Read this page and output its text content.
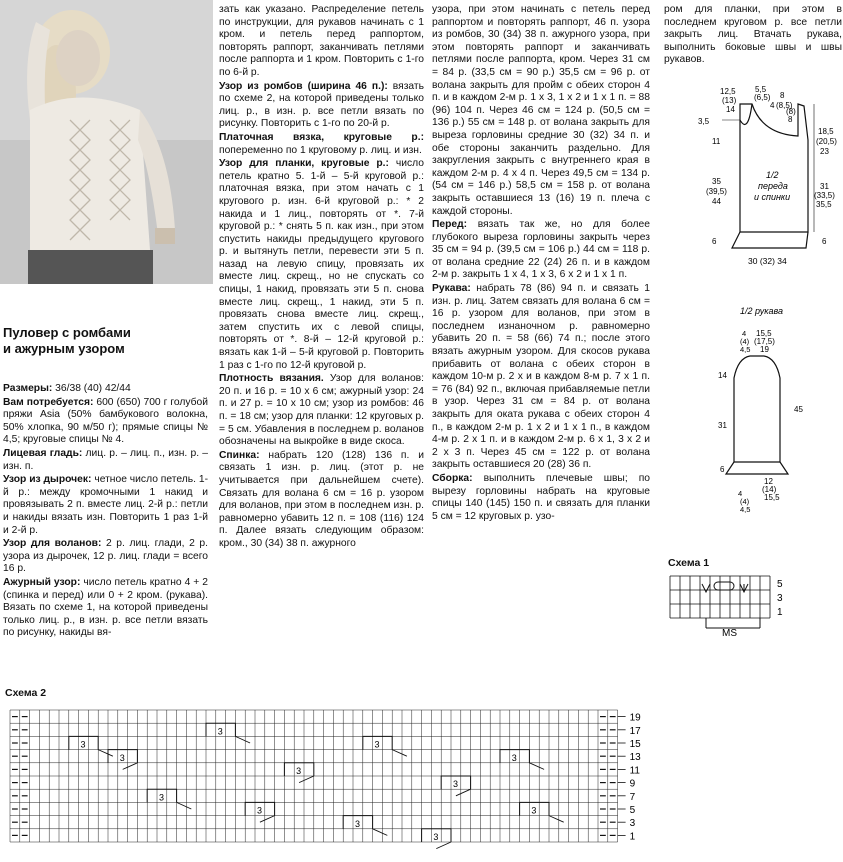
Пуловер с ромбами
и ажурным узором

Размеры: 36/38 (40) 42/44

Вам потребуется: 600 (650) 700 г голубой пряжи Asia (50% бамбукового волокна, 50% хлопка, 90 м/50 г); прямые спицы № 4,5; круговые спицы № 4.

Лицевая гладь: лиц. р. – лиц. п., изн. р. – изн. п.

Узор из дырочек: четное число петель. 1-й р.: между кромочными 1 накид и провязывать 2 п. вместе лиц. 2-й р.: петли и накиды вязать изн. Повторить 1 раз 1-й и 2-й р.

Узор для воланов: 2 р. лиц. глади, 2 р. узора из дырочек, 12 р. лиц. глади = всего 16 р.

Ажурный узор: число петель кратно 4 + 2 (спинка и перед) или 0 + 2 кром. (рукава). Вязать по схеме 1, на которой приведены только лиц. р., в изн. р. все петли вязать по рисунку, накиды вя-

зать как указано. Распределение петель по инструкции, для рукавов начинать с 1 кром. и петель перед раппортом, повторять раппорт, заканчивать петлями после раппорта и 1 кром. Повторить с 1-го по 6-й р.

Узор из ромбов (ширина 46 п.): вязать по схеме 2, на которой приведены только лиц. р., в изн. р. все петли вязать по рисунку. Повторить с 1-го по 20-й р.

Платочная вязка, круговые р.: попеременно по 1 круговому р. лиц. и изн.

Узор для планки, круговые р.: число петель кратно 5. 1-й – 5-й круговой р.: платочная вязка, при этом начать с 1 кругового р. изн. 6-й круговой р.: * 2 накида и 1 лиц., повторять от *. 7-й круговой р.: * снять 5 п. как изн., при этом спустить накиды предыдущего кругового р. и вытянуть петли, перевести эти 5 п. назад на левую спицу, провязать их вместе лиц. скрещ., но не спускать со спицы, 1 накид, провязать эти 5 п. снова вместе лиц. скрещ., 1 накид, эти 5 п. провязать снова вместе лиц. скрещ., затем спустить их с левой спицы, повторять от *. 8-й – 12-й круговой р.: вязать как 1-й – 5-й круговой р. Повторить 1 раз с 1-го по 12-й круговой р.

Плотность вязания. Узор для воланов: 20 п. и 16 р. = 10 х 6 см; ажурный узор: 24 п. и 27 р. = 10 х 10 см; узор из ромбов: 46 п. = 18 см; узор для планки: 12 круговых р. = 5 см. Убавления в последнем р. воланов обозначены на выкройке в виде скоса.

Спинка: набрать 120 (128) 136 п. и связать 1 изн. р. лиц. (этот р. не учитывается при дальнейшем счете). Связать для волана 6 см = 16 р. узором для воланов, при этом в последнем изн. р. равномерно убавить 12 п. = 108 (116) 124 п. Далее вязать следующим образом: кром., 30 (34) 38 п. ажурного

узора, при этом начинать с петель перед раппортом и повторять раппорт, 46 п. узора из ромбов, 30 (34) 38 п. ажурного узора, при этом повторять раппорт и заканчивать петлями после раппорта, кром. Через 31 см = 84 р. (33,5 см = 90 р.) 35,5 см = 96 р. от волана закрыть для пройм с обеих сторон 4 п. и в каждом 2-м р. 1 х 3, 1 х 2 и 1 х 1 п. = 88 (96) 104 п. Через 46 см = 124 р. (50,5 см = 136 р.) 55 см = 148 р. от волана закрыть для выреза горловины средние 30 (32) 34 п. и обе стороны заканчить раздельно. Для закругления закрыть с внутреннего края в каждом 2-м р. 4 х 4 п. Через 49,5 см = 134 р. (54 см = 146 р.) 58,5 см = 158 р. от волана закрыть оставшиеся 13 (16) 19 п. плеча с каждой стороны.

Перед: вязать так же, но для более глубокого выреза горловины закрыть через 35 см = 94 р. (39,5 см = 106 р.) 44 см = 118 р. от волана средние 22 (24) 26 п. и в каждом 2-м р. закрыть 1 х 4, 1 х 3, 6 х 2 и 1 х 1 п.

Рукава: набрать 78 (86) 94 п. и связать 1 изн. р. лиц. Затем связать для волана 6 см = 16 р. узором для воланов, при этом в последнем изнаночном р. равномерно убавить 20 п. = 58 (66) 74 п.; после этого вязать ажурным узором. Для скосов рукава прибавить от волана с обеих сторон в каждом 10-м р. 2 х и в каждом 8-м р. 7 х 1 п. = 76 (84) 92 п., включая прибавляемые петли в узор. Через 31 см = 84 р. от волана закрыть для оката рукава с обеих сторон 4 п., в каждом 2-м р. 1 х 2 и 1 х 1 п., в каждом 4-м р. 2 х 1 п. и в каждом 2-м р. 6 х 1, 3 х 2 и 2 х 3 п. Через 45 см = 122 р. от волана закрыть оставшиеся 20 (28) 36 п.

Сборка: выполнить плечевые швы; по вырезу горловины набрать на круговые спицы 140 (145) 150 п. и связать для планки 5 см = 12 круговых р. узо-

ром для планки, при этом в последнем круговом р. все петли закрыть лиц. Втачать рукава, выполнить боковые швы и швы рукавов.

5,5
(6,5) 8
12,5
(13)
14	(8,5)
4
(8)
8
3,5
11
35
(39,5)
44
6
18,5
(20,5)
23
31
(33,5)
35,5
6
1/2
переда
и спинки
30 (32) 34
1/2 рукава
15,5
(17,5)
19
4
(4)
4,5
14
31
6
45
12
(14)
15,5
4
(4)
4,5
Схема 1
5
3
1
MS
Схема 2
3
3
3
3
3
3
3
3
3
3
3
3
19
17
15
13
11
9
7
5
3
1
